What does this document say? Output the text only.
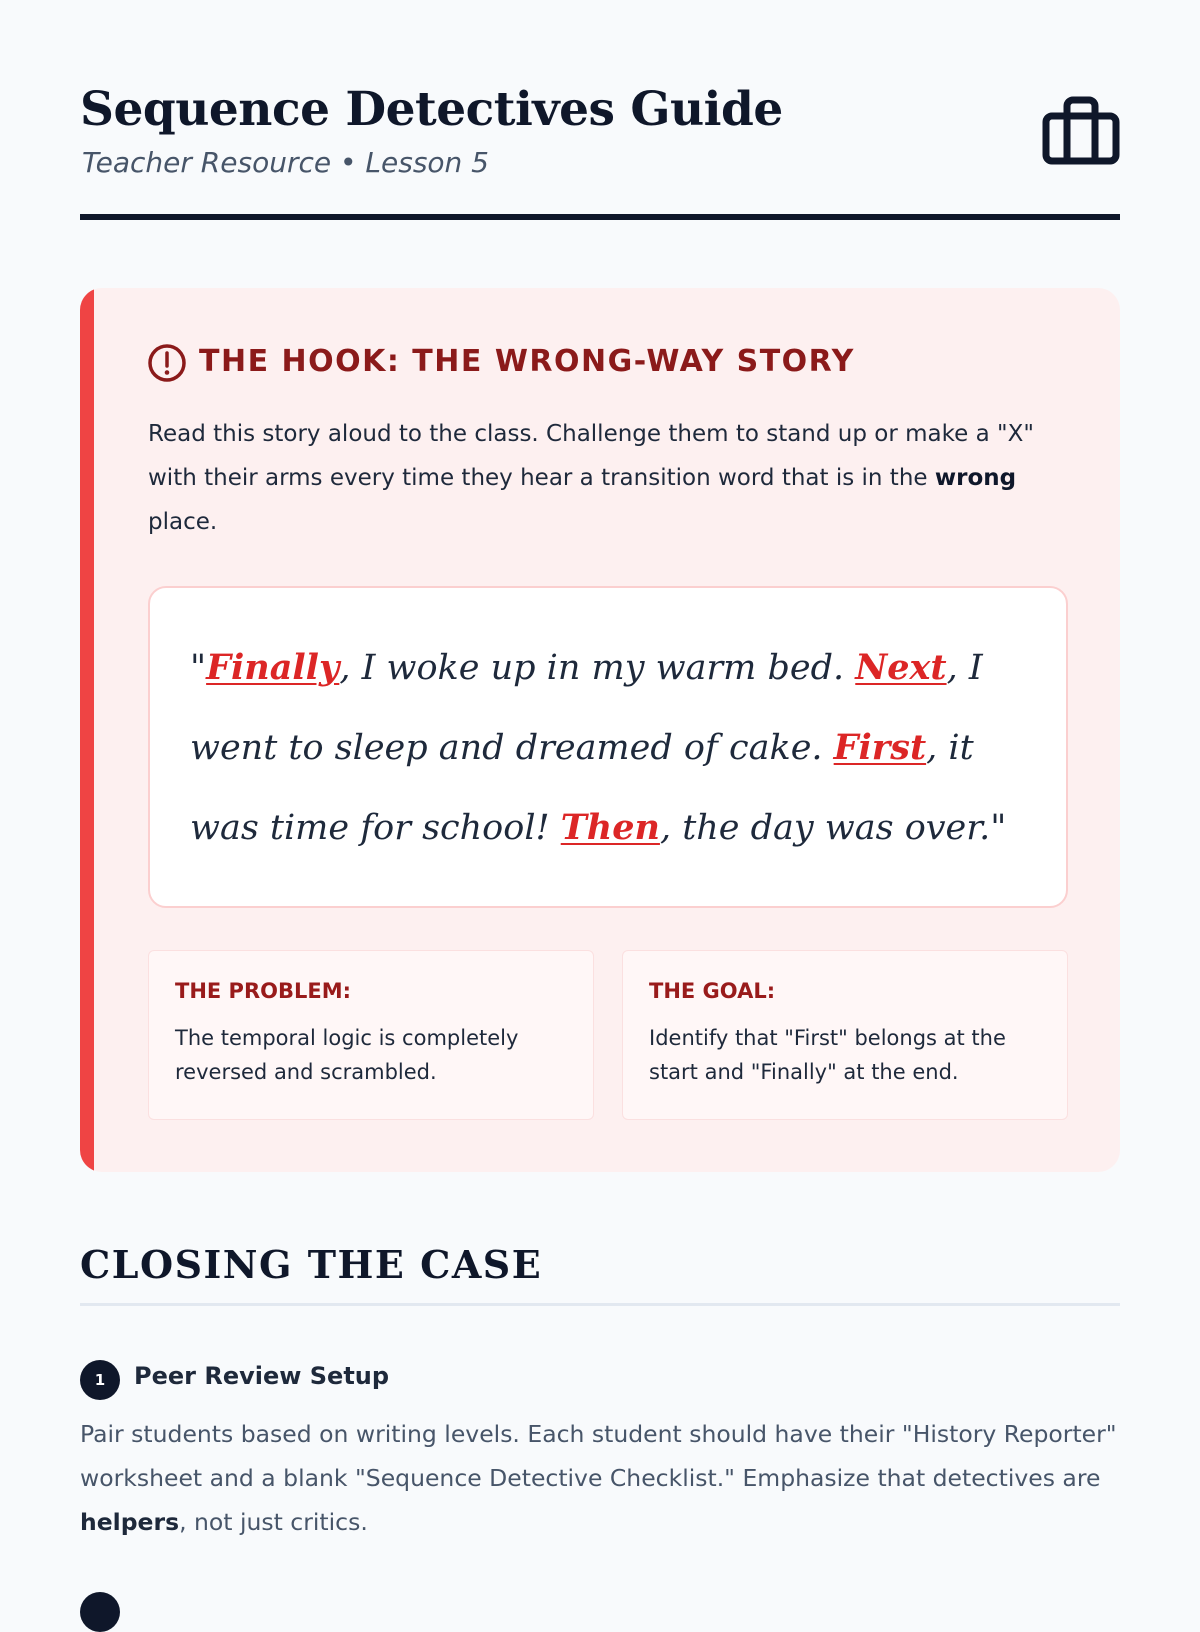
Sequence Detectives Guide
Teacher Resource • Lesson 5
THE HOOK: THE WRONG-WAY STORY

Read this story aloud to the class. Challenge them to stand up or make a "X" with their arms every time they hear a transition word that is in the wrong place.

"Finally, I woke up in my warm bed. Next, I went to sleep and dreamed of cake. First, it was time for school! Then, the day was over."
THE PROBLEM:
The temporal logic is completely reversed and scrambled.
THE GOAL:
Identify that "First" belongs at the start and "Finally" at the end.
CLOSING THE CASE
1	Peer Review Setup

Pair students based on writing levels. Each student should have their "History Reporter" worksheet and a blank "Sequence Detective Checklist." Emphasize that detectives are helpers, not just critics.
